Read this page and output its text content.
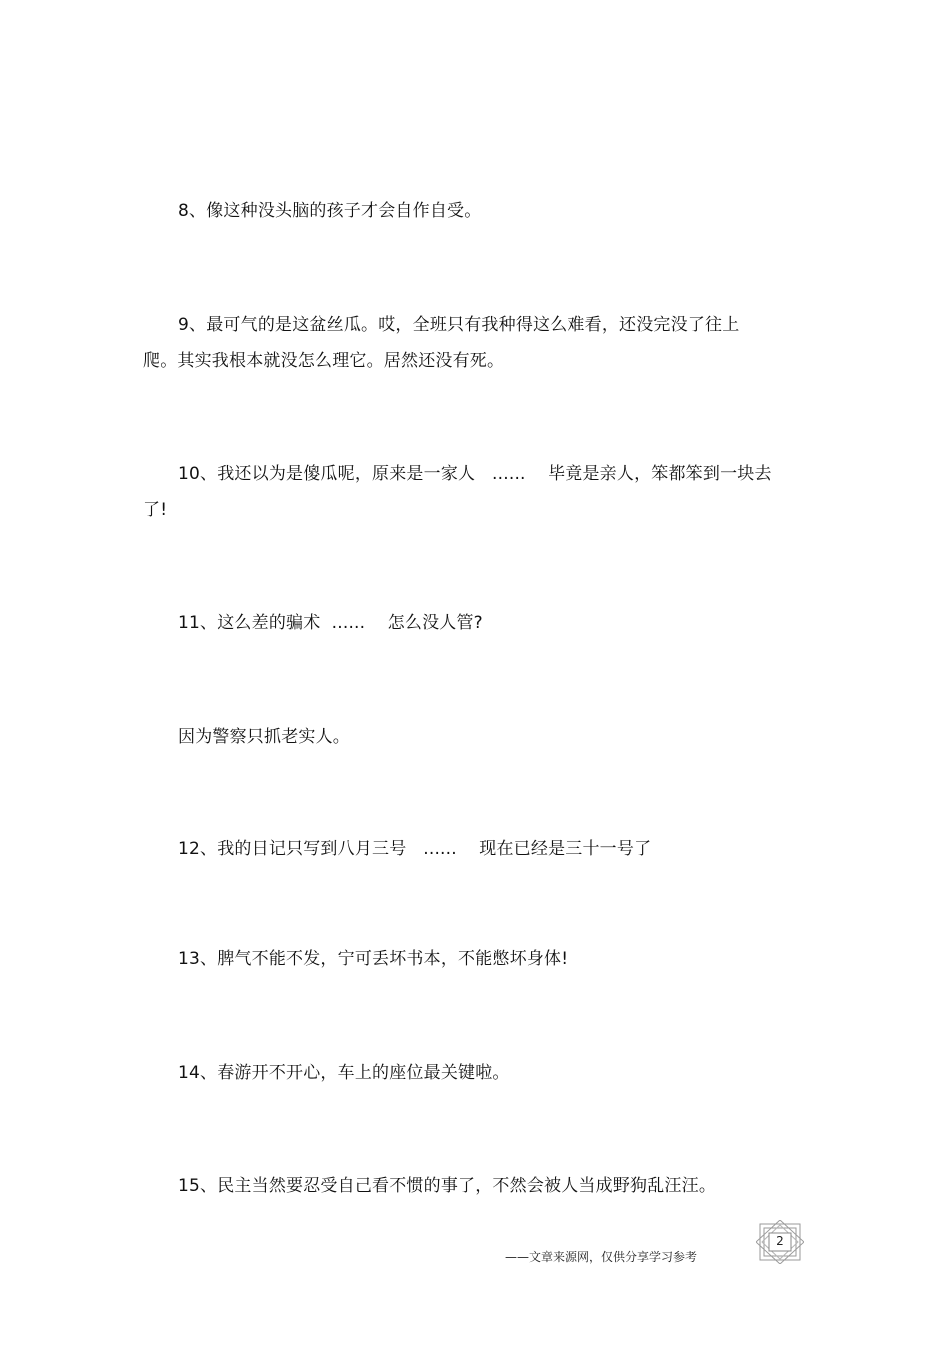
8、像这种没头脑的孩子才会自作自受。
9、最可气的是这盆丝瓜。哎，全班只有我种得这么难看，还没完没了往上
爬。其实我根本就没怎么理它。居然还没有死。
10、我还以为是傻瓜呢，原来是一家人   ......    毕竟是亲人，笨都笨到一块去
了!
11、这么差的骗术  ......    怎么没人管?
因为警察只抓老实人。
12、我的日记只写到八月三号   ......    现在已经是三十一号了
13、脾气不能不发，宁可丢坏书本，不能憋坏身体!
14、春游开不开心，车上的座位最关键啦。
15、民主当然要忍受自己看不惯的事了，不然会被人当成野狗乱汪汪。
——文章来源网，仅供分享学习参考
2
